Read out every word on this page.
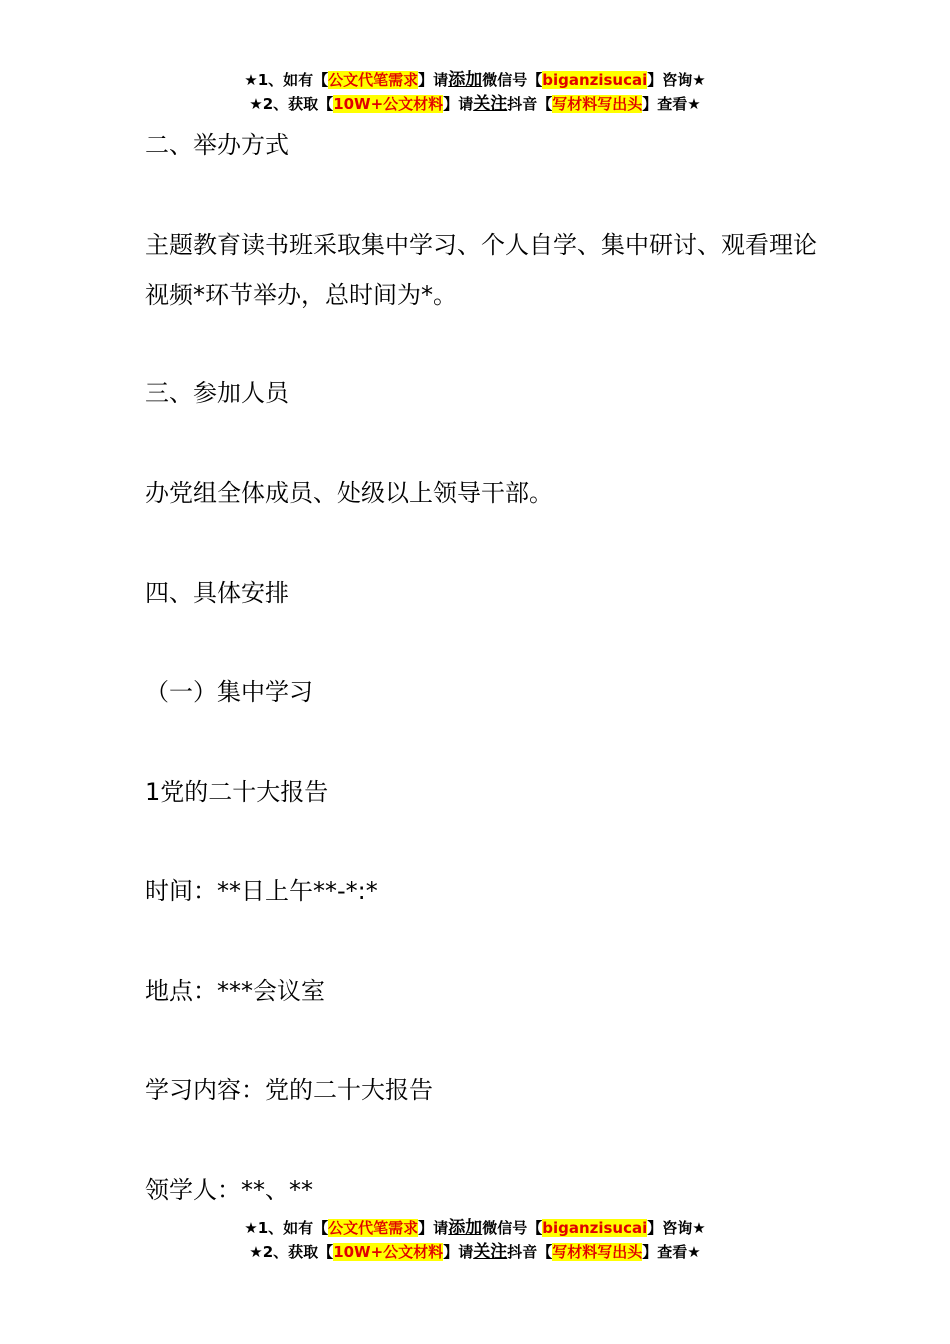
★1、如有【公文代笔需求】请添加微信号【biganzisucai】咨询★
★2、获取【10W+公文材料】请关注抖音【写材料写出头】查看★
二、举办方式
主题教育读书班采取集中学习、个人自学、集中研讨、观看理论视频*环节举办，总时间为*。
三、参加人员
办党组全体成员、处级以上领导干部。
四、具体安排
（一）集中学习
1党的二十大报告
时间：**日上午**-*:*
地点：***会议室
学习内容：党的二十大报告
领学人：**、**
★1、如有【公文代笔需求】请添加微信号【biganzisucai】咨询★
★2、获取【10W+公文材料】请关注抖音【写材料写出头】查看★
